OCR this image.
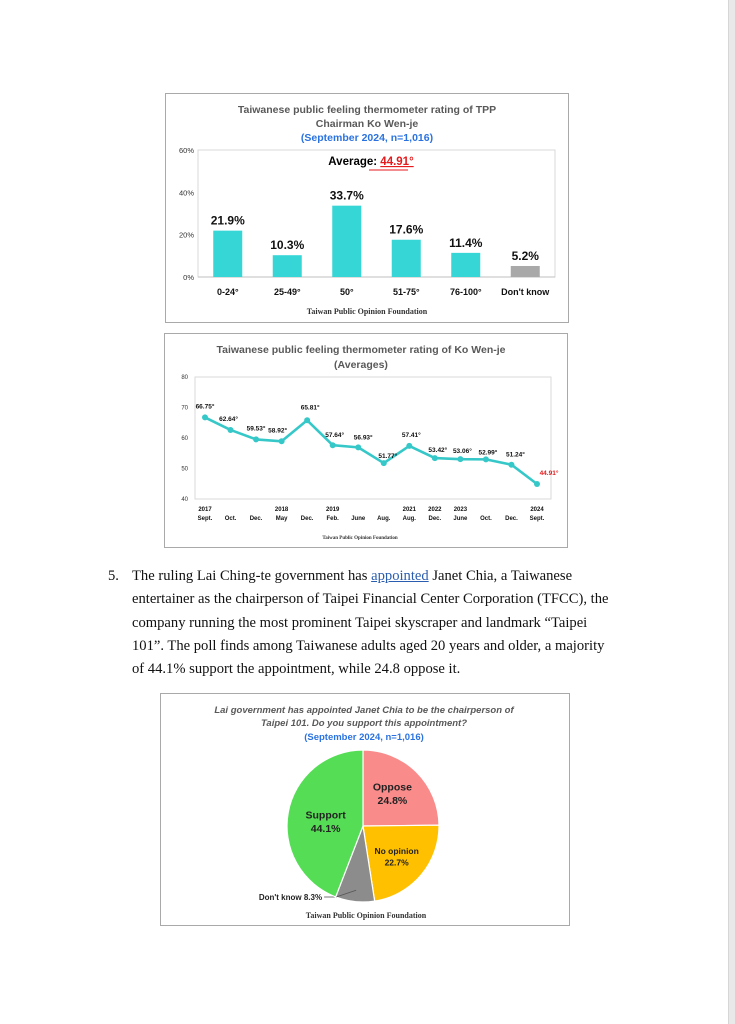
Taiwanese public feeling thermometer rating of TPP
Chairman Ko Wen-je
(September 2024, n=1,016)
Average: 44.91°
60%
40%
20%
0%
21.9%
0-24°
10.3%
25-49°
33.7%
50°
17.6%
51-75°
11.4%
76-100°
5.2%
Don't know
Taiwan Public Opinion Foundation
Taiwanese public feeling thermometer rating of Ko Wen-je
(Averages)
80
70
60
50
40
66.75°
2017
Sept.
62.64°
Oct.
59.53°
Dec.
58.92°
2018
May
65.81°
Dec.
57.64°
2019
Feb.
56.93°
June
51.77°
Aug.
57.41°
2021
Aug.
53.42°
2022
Dec.
53.06°
2023
June
52.99°
Oct.
51.24°
Dec.
44.91°
2024
Sept.
Taiwan Public Opinion Foundation
5. The ruling Lai Ching-te government has appointed Janet Chia, a Taiwanese
entertainer as the chairperson of Taipei Financial Center Corporation (TFCC), the
company running the most prominent Taipei skyscraper and landmark “Taipei
101”. The poll finds among Taiwanese adults aged 20 years and older, a majority
of 44.1% support the appointment, while 24.8 oppose it.
Lai government has appointed Janet Chia to be the chairperson of
Taipei 101. Do you support this appointment?
(September 2024, n=1,016)
Oppose
24.8%
No opinion
22.7%
Don't know 8.3%
Support
44.1%
Taiwan Public Opinion Foundation
